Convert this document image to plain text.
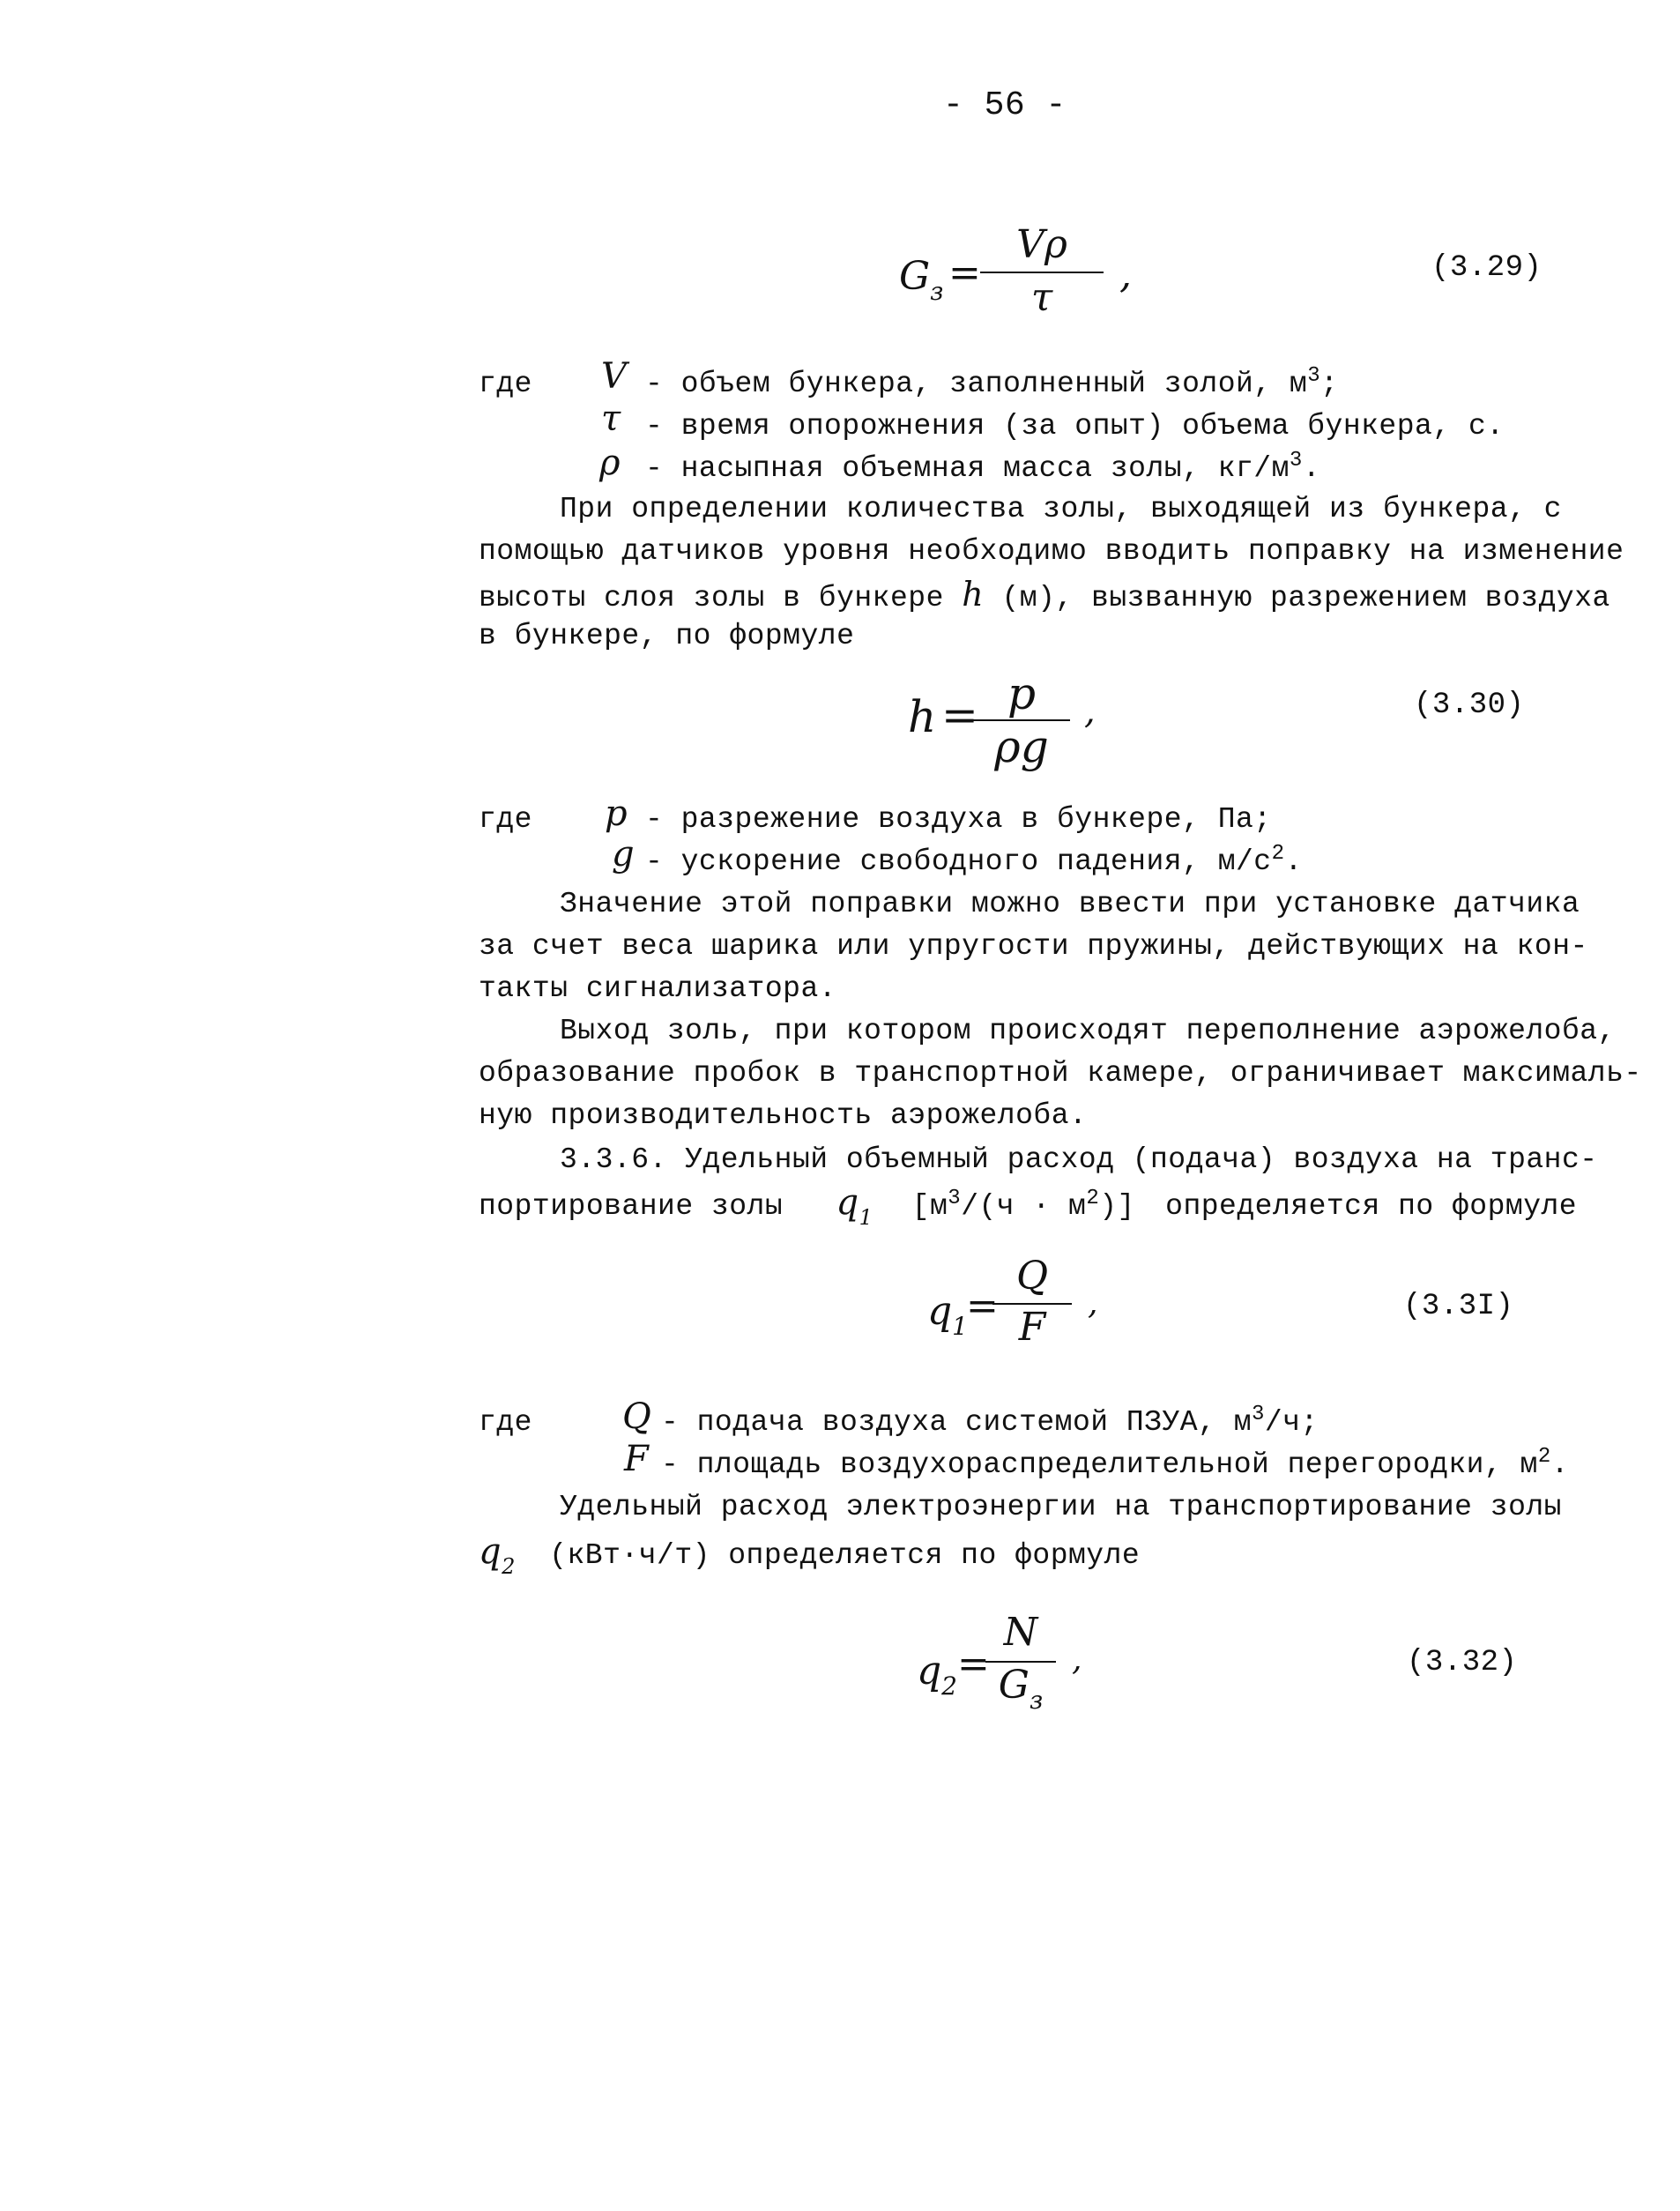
- 56 -
$G_з$ =
Vρ
τ
,	(3.29)
где V - объем бункера, заполненный золой, $м^3$;
τ - время опорожнения (за опыт) объема бункера, с.
ρ - насыпная объемная масса золы, $кг/м^3$.
При определении количества золы, выходящей из бункера, с
помощью датчиков уровня необходимо вводить поправку на изменение
высоты слоя золы в бункере h (м), вызванную разрежением воздуха
в бункере, по формуле
h = p
ρg
,	(3.30)
где p - разрежение воздуха в бункере, Па;
g - ускорение свободного падения, $м/с^2$.
Значение этой поправки можно ввести при установке датчика
за счет веса шарика или упругости пружины, действующих на кон-
такты сигнализатора.
Выход золь, при котором происходят переполнение аэрожелоба,
образование пробок в транспортной камере, ограничивает максималь-
ную производительность аэрожелоба.
3.3.6. Удельный объемный расход (подача) воздуха на транс-
портирование золы $q_1$ $[м^3/(ч \cdot м^2)]$ определяется по формуле
$q_1$
=
Q
F
,	(3.3I)
где	Q - подача воздуха системой ПЗУА, $м^3/ч$;
F - площадь воздухораспределительной перегородки, $м^2$.
Удельный расход электроэнергии на транспортирование золы
$q_2$ (кВт·ч/т) определяется по формуле
$q_2$ =
N
$G_з$
,	(3.32)
